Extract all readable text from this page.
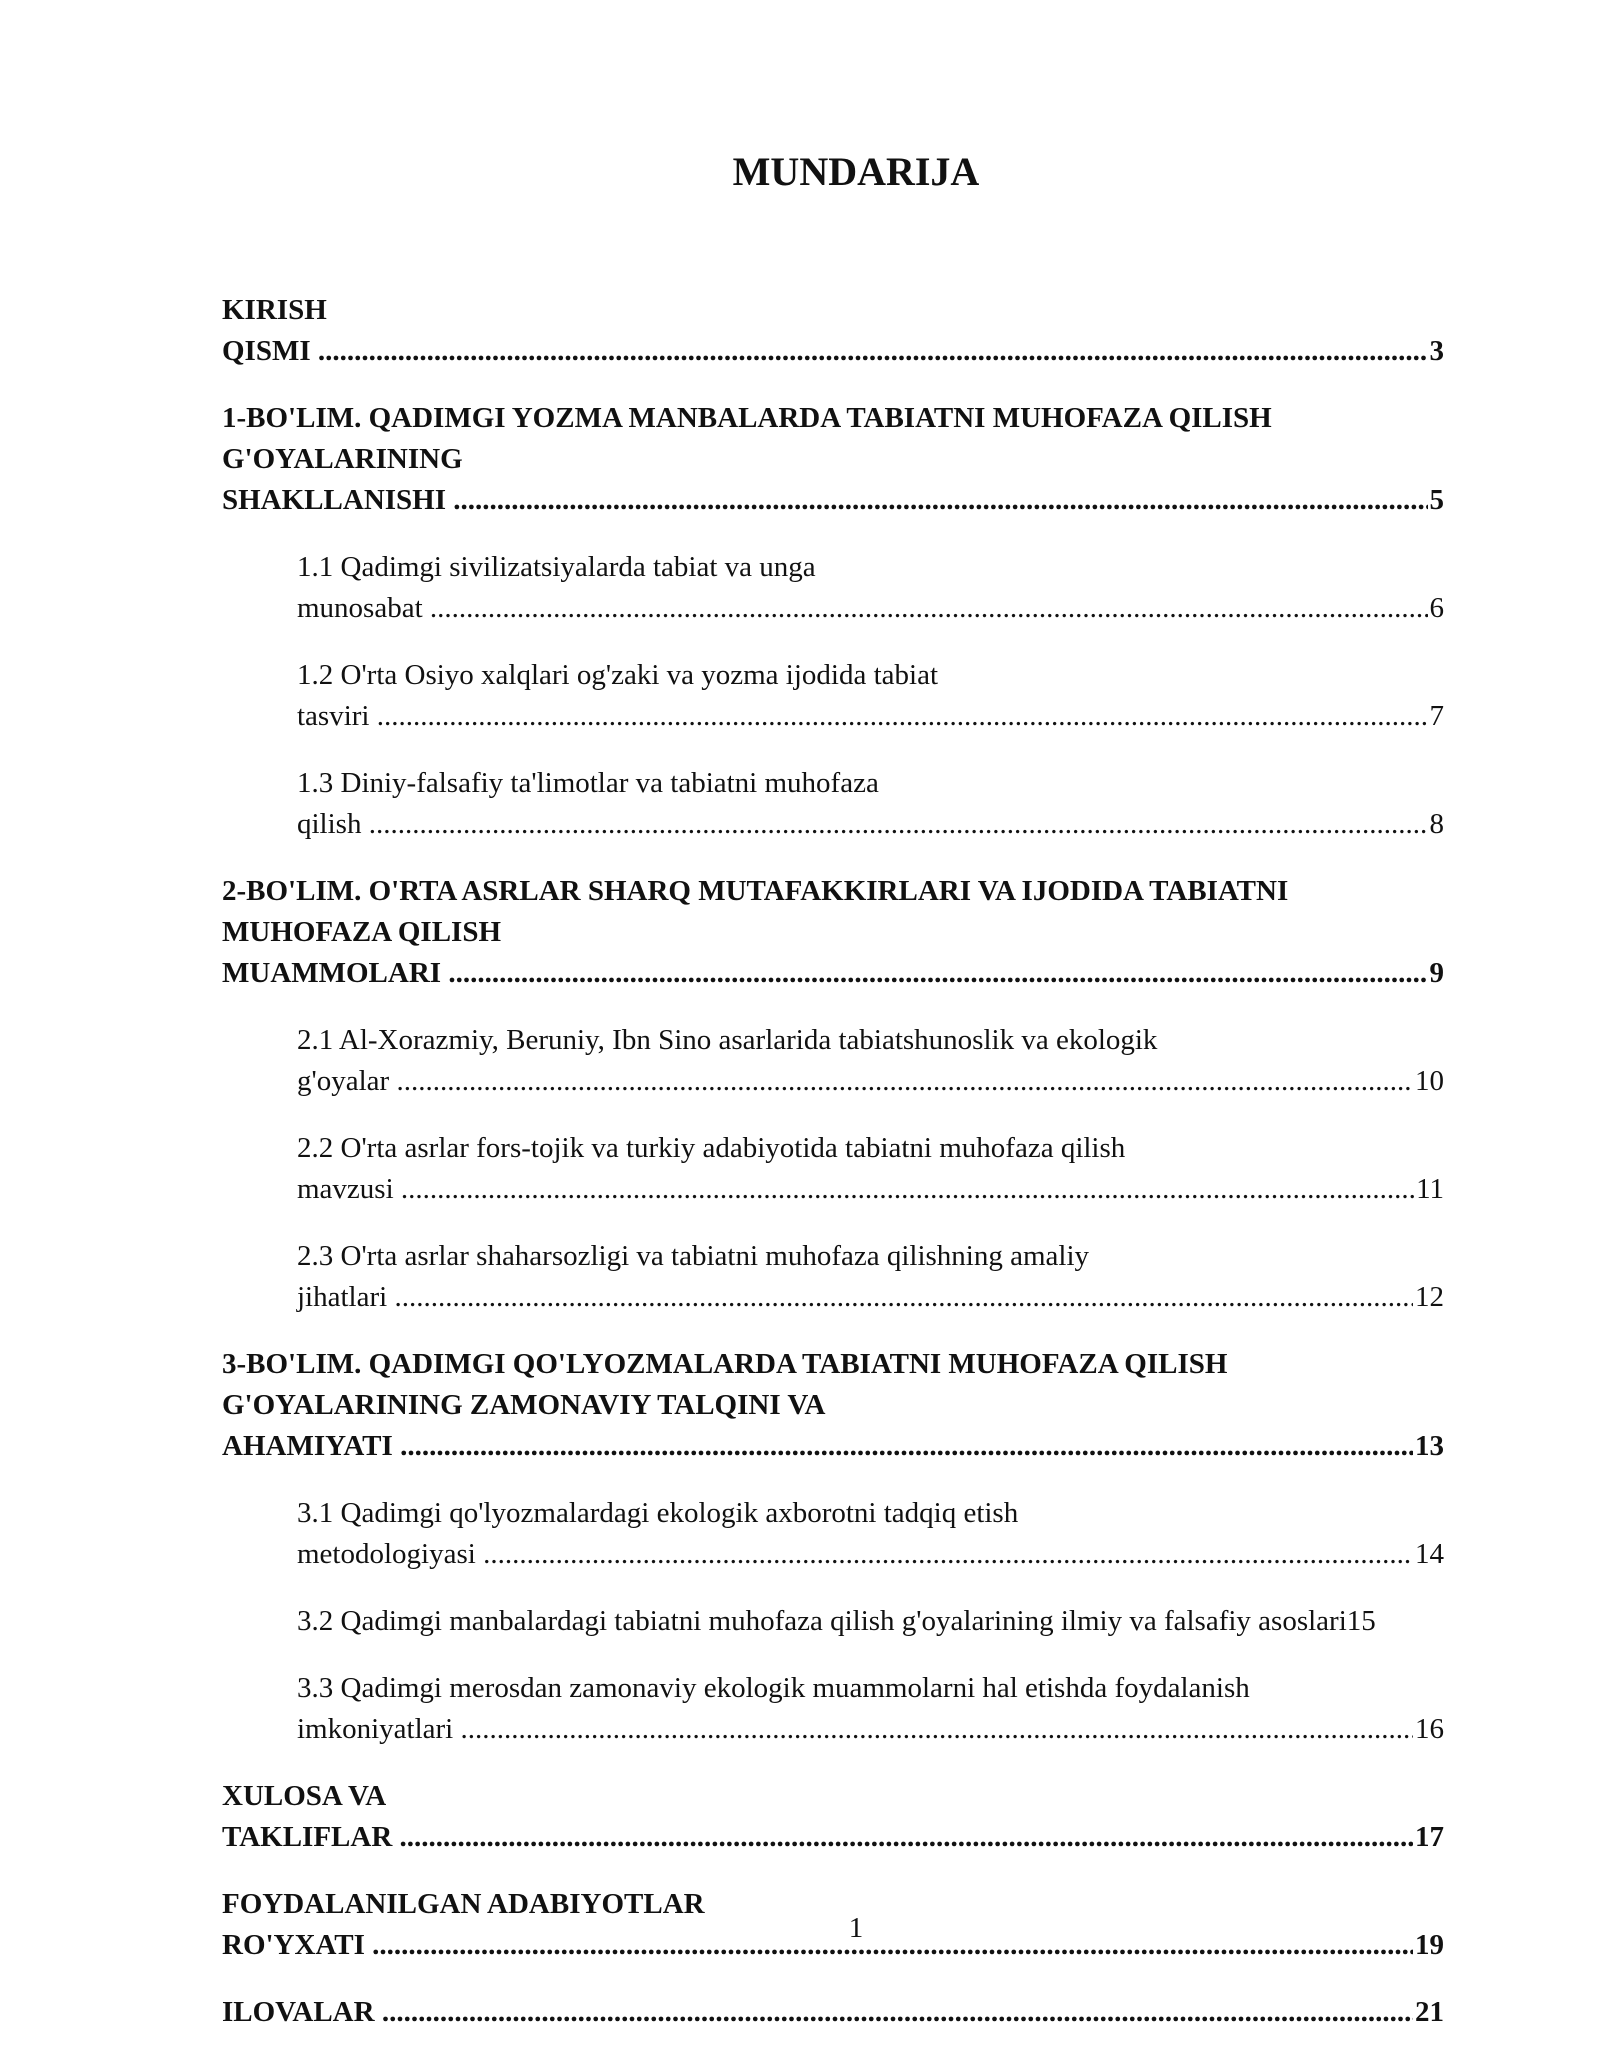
MUNDARIJA
KIRISH QISMI .....	3
1-BO'LIM. QADIMGI YOZMA MANBALARDA TABIATNI MUHOFAZA QILISH G'OYALARINING SHAKLLANISHI .....	5
1.1 Qadimgi sivilizatsiyalarda tabiat va unga munosabat .....	6
1.2 O'rta Osiyo xalqlari og'zaki va yozma ijodida tabiat tasviri .....	7
1.3 Diniy-falsafiy ta'limotlar va tabiatni muhofaza qilish .....	8
2-BO'LIM. O'RTA ASRLAR SHARQ MUTAFAKKIRLARI VA IJODIDA TABIATNI MUHOFAZA QILISH MUAMMOLARI .....	9
2.1 Al-Xorazmiy, Beruniy, Ibn Sino asarlarida tabiatshunoslik va ekologik g'oyalar .....	10
2.2 O'rta asrlar fors-tojik va turkiy adabiyotida tabiatni muhofaza qilish mavzusi .....	11
2.3 O'rta asrlar shaharsozligi va tabiatni muhofaza qilishning amaliy jihatlari .....	12
3-BO'LIM. QADIMGI QO'LYOZMALARDA TABIATNI MUHOFAZA QILISH G'OYALARINING ZAMONAVIY TALQINI VA AHAMIYATI .....	13
3.1 Qadimgi qo'lyozmalardagi ekologik axborotni tadqiq etish metodologiyasi .....	14
3.2 Qadimgi manbalardagi tabiatni muhofaza qilish g'oyalarining ilmiy va falsafiy asoslari15
3.3 Qadimgi merosdan zamonaviy ekologik muammolarni hal etishda foydalanish imkoniyatlari .....	16
XULOSA VA TAKLIFLAR .....	17
FOYDALANILGAN ADABIYOTLAR RO'YXATI .....	19
ILOVALAR .....	21
1
